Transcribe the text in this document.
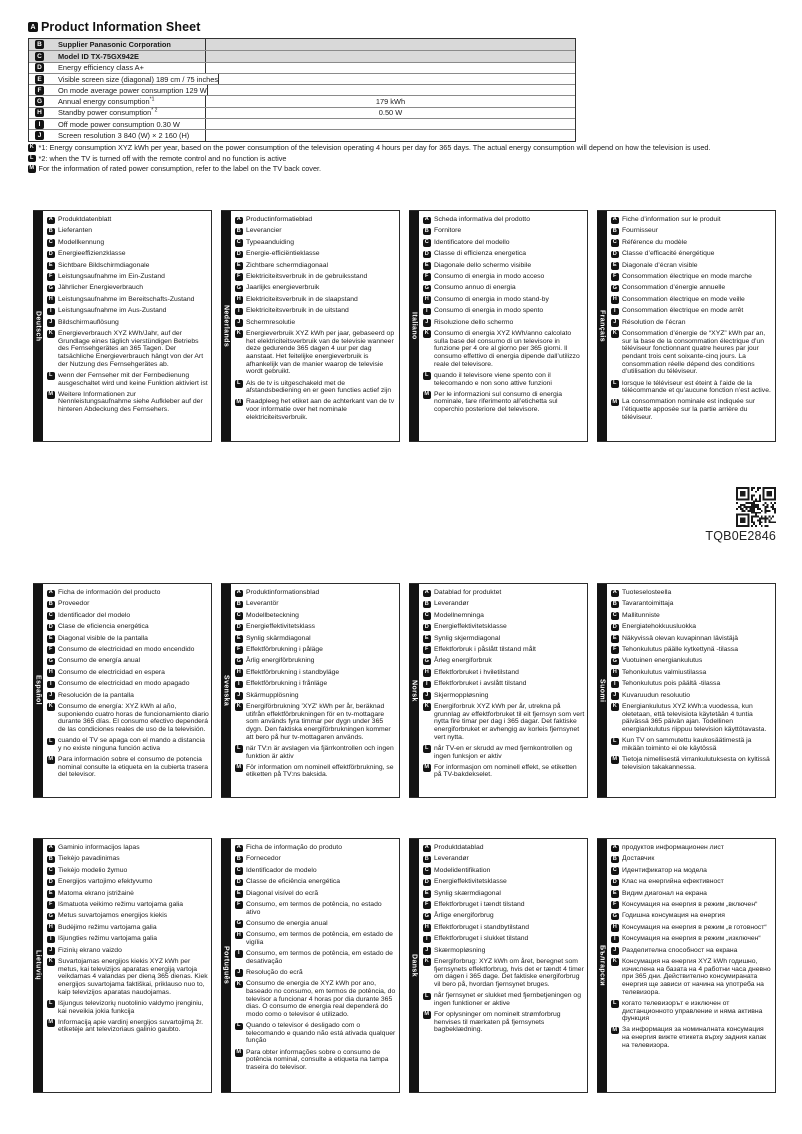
A Product Information Sheet
B Supplier Panasonic Corporation
C Model ID TX-75GX942E
D Energy efficiency class A+
E	Visible screen size (diagonal) 189 cm / 75 inches
F	On mode average power consumption 129 W
G Annual energy consumption$^{*1}$	179 kWh
H Standby power consumption$^{* 2}$	0.50 W
I	Off mode power consumption 0.30 W
J	Screen resolution 3 840 (W) × 2 160 (H)
K *1: Energy consumption XYZ kWh per year, based on the power consumption of the television operating 4 hours per day for 365 days. The actual energy consumption will depend on how the television is used.
L *2: when the TV is turned off with the remote control and no function is active
M For the information of rated power consumption, refer to the label on the TV back cover.
TQB0E2846
Deutsch
A Produktdatenblatt
B Lieferanten
C Modellkennung
D Energieeffizienzklasse
E Sichtbare Bildschirmdiagonale
F Leistungsaufnahme im Ein-Zustand
G Jährlicher Energieverbrauch
H Leistungsaufnahme im Bereitschafts-Zustand
I Leistungsaufnahme im Aus-Zustand
J Bildschirmauflösung
K Energieverbrauch XYZ kWh/Jahr, auf der Grundlage eines täglich vierstündigen Betriebs des Fernsehgerätes an 365 Tagen. Der tatsächliche Energieverbrauch hängt von der Art der Nutzung des Fernsehgerätes ab.
L wenn der Fernseher mit der Fernbedienung ausgeschaltet wird und keine Funktion aktiviert ist
M Weitere Informationen zur Nennleistungsaufnahme siehe Aufkleber auf der hinteren Abdeckung des Fernsehers.
Nederlands
A Productinformatieblad
B Leverancier
C Typeaanduiding
D Energie-efficiëntieklasse
E Zichtbare schermdiagonaal
F Elektriciteitsverbruik in de gebruiksstand
G Jaarlijks energieverbruik
H Elektriciteitsverbruik in de slaapstand
I Elektriciteitsverbruik in de uitstand
J Schermresolutie
K Energieverbruik XYZ kWh per jaar, gebaseerd op het elektriciteitsverbruik van de televisie wanneer deze gedurende 365 dagen 4 uur per dag aanstaat. Het feitelijke energieverbruik is afhankelijk van de manier waarop de televisie wordt gebruikt.
L Als de tv is uitgeschakeld met de afstandsbediening en er geen functies actief zijn
M Raadpleeg het etiket aan de achterkant van de tv voor informatie over het nominale elektriciteitsverbruik.
Italiano
A Scheda informativa del prodotto
B Fornitore
C Identificatore del modello
D Classe di efficienza energetica
E Diagonale dello schermo visibile
F Consumo di energia in modo acceso
G Consumo annuo di energia
H Consumo di energia in modo stand-by
I Consumo di energia in modo spento
J Risoluzione dello schermo
K Consumo di energia XYZ kWh/anno calcolato sulla base del consumo di un televisore in funzione per 4 ore al giorno per 365 giorni. Il consumo effettivo di energia dipende dall’utilizzo reale del televisore.
L quando il televisore viene spento con il telecomando e non sono attive funzioni
M Per le informazioni sul consumo di energia nominale, fare riferimento all’etichetta sul coperchio posteriore del televisore.
Français
A Fiche d’information sur le produit
B Fournisseur
C Référence du modèle
D Classe d’efficacité énergétique
E Diagonale d’écran visible
F Consommation électrique en mode marche
G Consommation d’énergie annuelle
H Consommation électrique en mode veille
I Consommation électrique en mode arrêt
J Résolution de l’écran
K Consommation d’énergie de “XYZ” kWh par an, sur la base de la consommation électrique d’un téléviseur fonctionnant quatre heures par jour pendant trois cent soixante-cinq jours. La consommation réelle dépend des conditions d’utilisation du téléviseur.
L lorsque le téléviseur est éteint à l’aide de la télécommande et qu’aucune fonction n’est active.
M La consommation nominale est indiquée sur l’étiquette apposée sur la partie arrière du téléviseur.
Español
A Ficha de información del producto
B Proveedor
C Identificador del modelo
D Clase de eficiencia energética
E Diagonal visible de la pantalla
F Consumo de electricidad en modo encendido
G Consumo de energía anual
H Consumo de electricidad en espera
I Consumo de electricidad en modo apagado
J Resolución de la pantalla
K Consumo de energía: XYZ kWh al año, suponiendo cuatro horas de funcionamiento diario durante 365 días. El consumo efectivo dependerá de las condiciones reales de uso de la televisión.
L cuando el TV se apaga con el mando a distancia y no existe ninguna función activa
M Para información sobre el consumo de potencia nominal consulte la etiqueta en la cubierta trasera del televisor.
Svenska
A Produktinformationsblad
B Leverantör
C Modellbeteckning
D Energieffektivitetsklass
E Synlig skärmdiagonal
F Effektförbrukning i påläge
G Årlig energiförbrukning
H Effektförbrukning i standbyläge
I Effektförbrukning i frånläge
J Skärmupplösning
K Energiförbrukning 'XYZ' kWh per år, beräknad utifrån effektförbrukningen för en tv-mottagare som används fyra timmar per dygn under 365 dygn. Den faktiska energiförbrukningen kommer att bero på hur tv-mottagaren används.
L när TV:n är avslagen via fjärrkontrollen och ingen funktion är aktiv
M För information om nominell effektförbrukning, se etiketten på TV:ns baksida.
Norsk
A Datablad for produktet
B Leverandør
C Modellnemninga
D Energieffektivitetsklasse
E Synlig skjermdiagonal
F Effektforbruk i påslått tilstand målt
G Årleg energiforbruk
H Effektforbruket i hviletilstand
I Effektforbruket i avslått tilstand
J Skjermoppløsning
K Energiforbruk XYZ kWh per år, utrekna på grunnlag av effektforbruket til eit fjernsyn som vert nytta fire timar per dag i 365 dagar. Det faktiske energiforbruket er avhengig av korleis fjernsynet vert nytta.
L når TV-en er skrudd av med fjernkontrollen og ingen funksjon er aktiv
M For informasjon om nominell effekt, se etiketten på TV-bakdekselet.
Suomi
A Tuoteselosteella
B Tavarantoimittaja
C Mallitunniste
D Energiatehokkuusluokka
E Näkyvissä olevan kuvapinnan lävistäjä
F Tehonkulutus päälle kytkettynä -tilassa
G Vuotuinen energiankulutus
H Tehonkulutus valmiustilassa
I Tehonkulutus pois päältä -tilassa
J Kuvaruudun resoluutio
K Energiankulutus XYZ kWh:a vuodessa, kun oletetaan, että televisiota käytetään 4 tuntia päivässä 365 päivän ajan. Todellinen energiankulutus riippuu television käyttötavasta.
L Kun TV on sammutettu kaukosäätimestä ja mikään toiminto ei ole käytössä
M Tietoja nimellisestä virrankulutuksesta on kyltissä television takakannessa.
Lietuvių
A Gaminio informacijos lapas
B Tiekėjo pavadinimas
C Tiekėjo modelio žymuo
D Energijos vartojimo efektyvumo
E Matoma ekrano įstrižainė
F Išmatuota veikimo režimu vartojama galia
G Metus suvartojamos energijos kiekis
H Budėjimo režimu vartojama galia
I Išjungties režimu vartojama galia
J Fizinių ekrano vaizdo
K Suvartojamas energijos kiekis XYZ kWh per metus, kai televizijos aparatas energiją vartoja veikdamas 4 valandas per dieną 365 dienas. Kiek energijos suvartojama faktiškai, priklauso nuo to, kaip televizijos aparatas naudojamas.
L Išjungus televizorių nuotolinio valdymo įrenginiu, kai neveikia jokia funkcija
M Informaciją apie vardinį energijos suvartojimą žr. etiketėje ant televizoriaus galinio gaubto.
Português
A Ficha de informação do produto
B Fornecedor
C Identificador de modelo
D Classe de eficiência energética
E Diagonal visível do ecrã
F Consumo, em termos de potência, no estado ativo
G Consumo de energia anual
H Consumo, em termos de potência, em estado de vigília
I Consumo, em termos de potência, em estado de desativação
J Resolução do ecrã
K Consumo de energia de XYZ kWh por ano, baseado no consumo, em termos de potência, do televisor a funcionar 4 horas por dia durante 365 dias. O consumo de energia real dependerá do modo como o televisor é utilizado.
L Quando o televisor é desligado com o telecomando e quando não está ativada qualquer função
M Para obter informações sobre o consumo de potência nominal, consulte a etiqueta na tampa traseira do televisor.
Dansk
A Produktdatablad
B Leverandør
C Modelidentifikation
D Energieffektivitetsklasse
E Synlig skærmdiagonal
F Effektforbruget i tændt tilstand
G Årlige energiforbrug
H Effektforbruget i standbytilstand
I Effektforbruget i slukket tilstand
J Skærmopløsning
K Energiforbrug: XYZ kWh om året, beregnet som fjernsynets effektforbrug, hvis det er tændt 4 timer om dagen i 365 dage. Det faktiske energiforbrug vil bero på, hvordan fjernsynet bruges.
L når fjernsynet er slukket med fjernbetjeningen og ingen funktioner er aktive
M For oplysninger om nominelt strømforbrug henvises til mærkaten på fjernsynets bagbeklædning.
Български
A продуктов информационен лист
B Доставчик
C Идентификатор на модела
D Клас на енергийна ефективност
E Видим диагонал на екрана
F Консумация на енергия в режим „включен“
G Годишна консумация на енергия
H Консумация на енергия в режим „в готовност“
I Консумация на енергия в режим „изключен“
J Разделителна способност на екрана
K Консумация на енергия XYZ kWh годишно, изчислена на базата на 4 работни часа дневно при 365 дни. Действително консумираната енергия ще зависи от начина на употреба на телевизора.
L когато телевизорът е изключен от дистанционното управление и няма активна функция
M За информация за номиналната консумация на енергия вижте етикета върху задния капак на телевизора.
